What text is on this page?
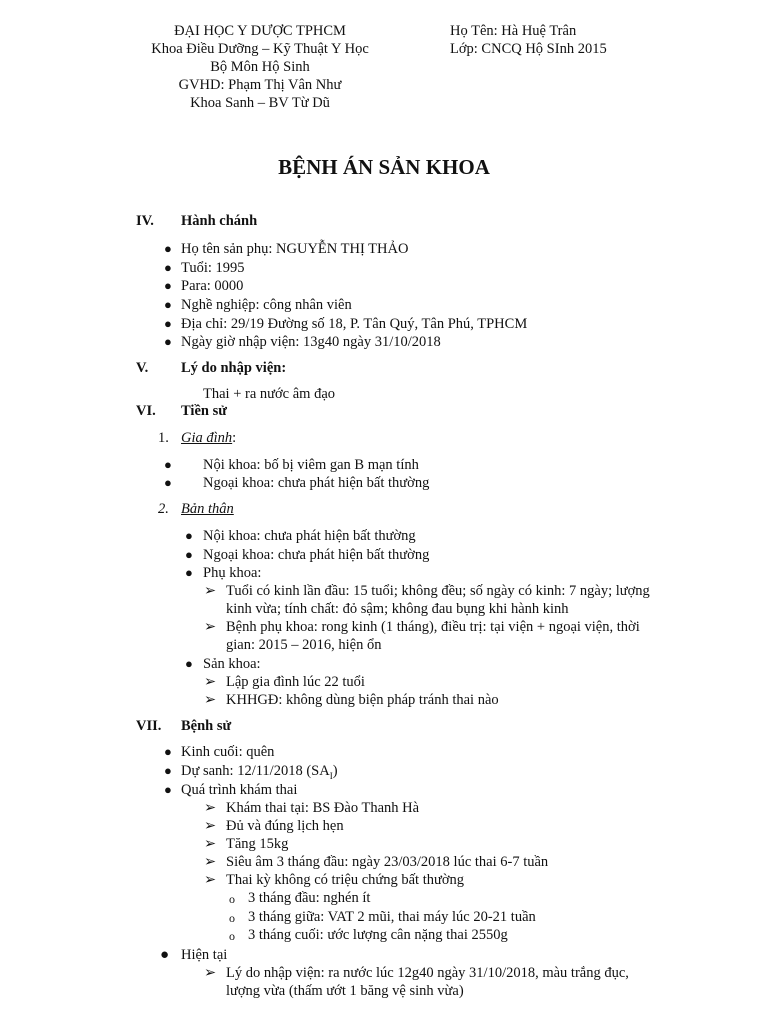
ĐẠI HỌC Y DƯỢC TPHCM
Khoa Điều Dưỡng – Kỹ Thuật Y Học
Bộ Môn Hộ Sinh
GVHD: Phạm Thị Vân Như
Khoa Sanh – BV Từ Dũ
Họ Tên: Hà Huệ Trân
Lớp: CNCQ Hộ SInh 2015
BỆNH ÁN SẢN KHOA
IV. Hành chánh
● Họ tên sản phụ: NGUYỄN THỊ THẢO
● Tuổi: 1995
● Para: 0000
● Nghề nghiệp: công nhân viên
● Địa chỉ: 29/19 Đường số 18, P. Tân Quý, Tân Phú, TPHCM
● Ngày giờ nhập viện: 13g40 ngày 31/10/2018
V. Lý do nhập viện:
Thai + ra nước âm đạo
VI. Tiền sử
1. Gia đình:
● Nội khoa: bố bị viêm gan B mạn tính
● Ngoại khoa: chưa phát hiện bất thường
2. Bản thân
● Nội khoa: chưa phát hiện bất thường
● Ngoại khoa: chưa phát hiện bất thường
● Phụ khoa:
➢ Tuổi có kinh lần đầu: 15 tuổi; không đều; số ngày có kinh: 7 ngày; lượng
kinh vừa; tính chất: đỏ sậm; không đau bụng khi hành kinh
➢ Bệnh phụ khoa: rong kinh (1 tháng), điều trị: tại viện + ngoại viện, thời
gian: 2015 – 2016, hiện ổn
● Sản khoa:
➢ Lập gia đình lúc 22 tuổi
➢ KHHGĐ: không dùng biện pháp tránh thai nào
VII. Bệnh sử
● Kinh cuối: quên
● Dự sanh: 12/11/2018 $(SA_I)$
● Quá trình khám thai
➢ Khám thai tại: BS Đào Thanh Hà
➢ Đủ và đúng lịch hẹn
➢ Tăng 15kg
➢ Siêu âm 3 tháng đầu: ngày 23/03/2018 lúc thai 6-7 tuần
➢ Thai kỳ không có triệu chứng bất thường
o 3 tháng đầu: nghén ít
o 3 tháng giữa: VAT 2 mũi, thai máy lúc 20-21 tuần
o 3 tháng cuối: ước lượng cân nặng thai 2550g
● Hiện tại
➢ Lý do nhập viện: ra nước lúc 12g40 ngày 31/10/2018, màu trắng đục,
lượng vừa (thấm ướt 1 băng vệ sinh vừa)
